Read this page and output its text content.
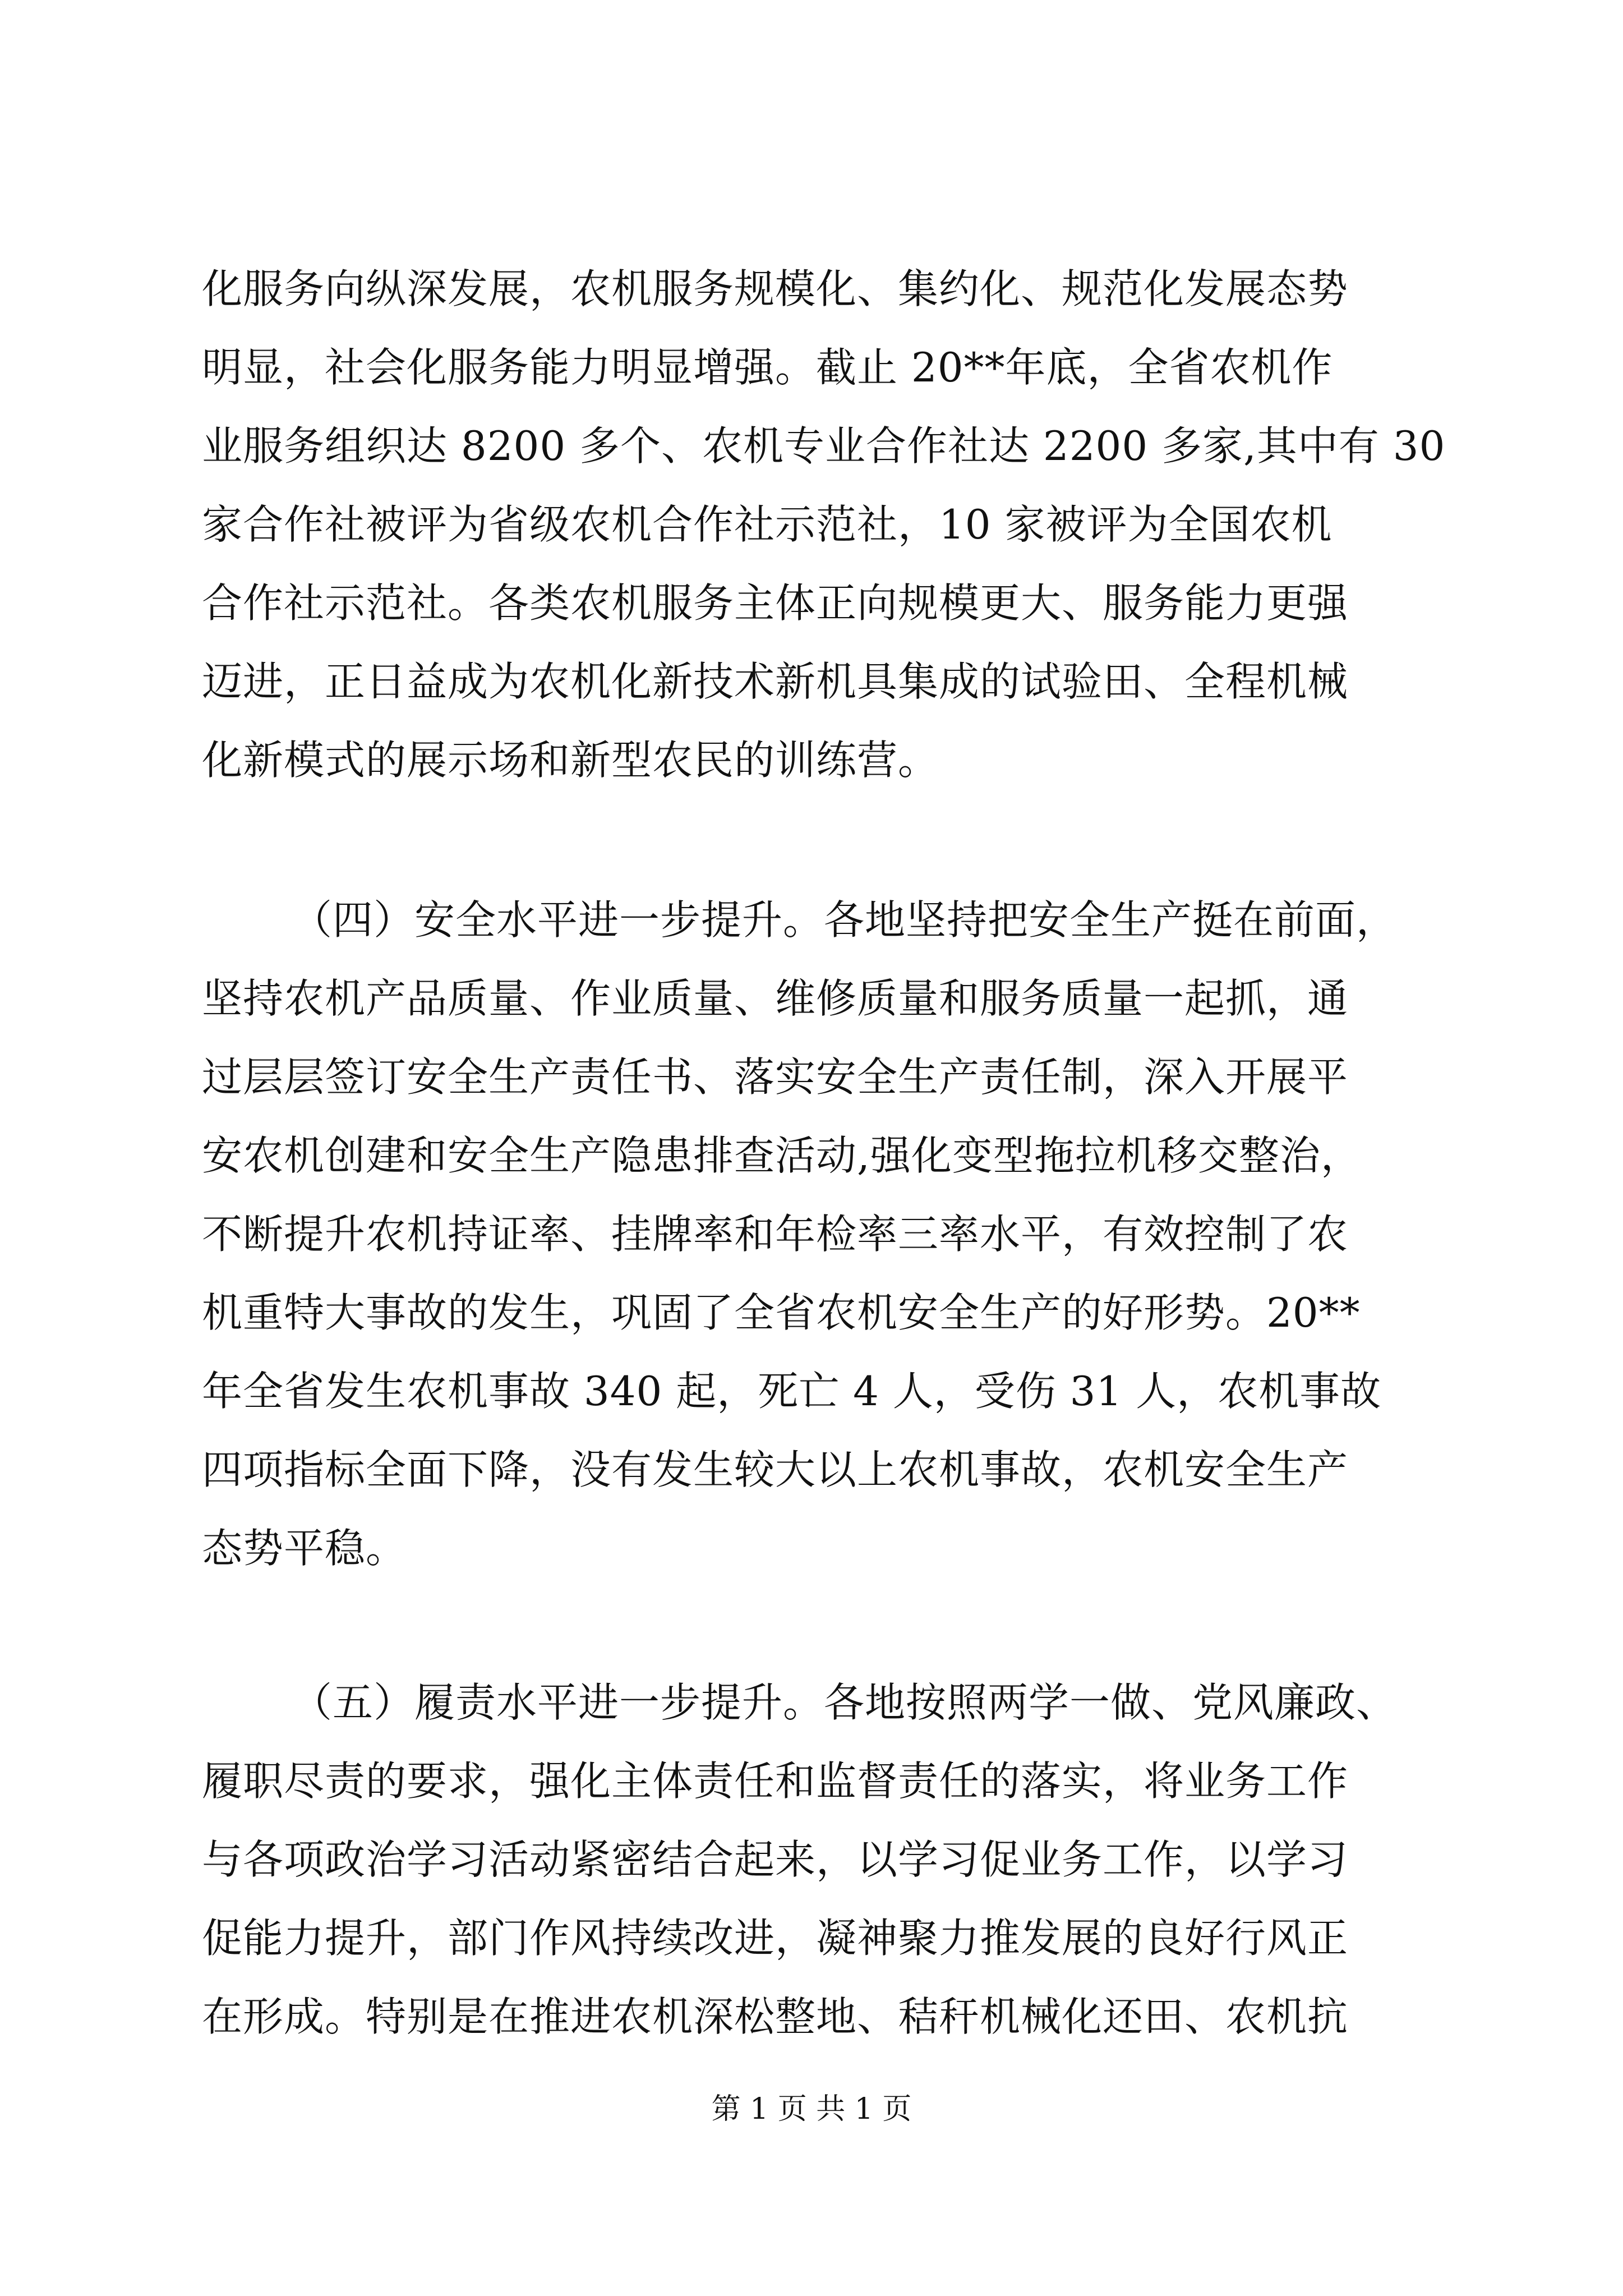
化服务向纵深发展，农机服务规模化、集约化、规范化发展态势
明显，社会化服务能力明显增强。截止 20**年底，全省农机作
业服务组织达 8200 多个、农机专业合作社达 2200 多家,其中有 30
家合作社被评为省级农机合作社示范社，10 家被评为全国农机
合作社示范社。各类农机服务主体正向规模更大、服务能力更强
迈进，正日益成为农机化新技术新机具集成的试验田、全程机械
化新模式的展示场和新型农民的训练营。
（四）安全水平进一步提升。各地坚持把安全生产挺在前面，
坚持农机产品质量、作业质量、维修质量和服务质量一起抓，通
过层层签订安全生产责任书、落实安全生产责任制，深入开展平
安农机创建和安全生产隐患排查活动,强化变型拖拉机移交整治，
不断提升农机持证率、挂牌率和年检率三率水平，有效控制了农
机重特大事故的发生，巩固了全省农机安全生产的好形势。20**
年全省发生农机事故 340 起，死亡 4 人，受伤 31 人，农机事故
四项指标全面下降，没有发生较大以上农机事故，农机安全生产
态势平稳。
（五）履责水平进一步提升。各地按照两学一做、党风廉政、
履职尽责的要求，强化主体责任和监督责任的落实，将业务工作
与各项政治学习活动紧密结合起来，以学习促业务工作，以学习
促能力提升，部门作风持续改进，凝神聚力推发展的良好行风正
在形成。特别是在推进农机深松整地、秸秆机械化还田、农机抗
第 1 页 共 1 页
